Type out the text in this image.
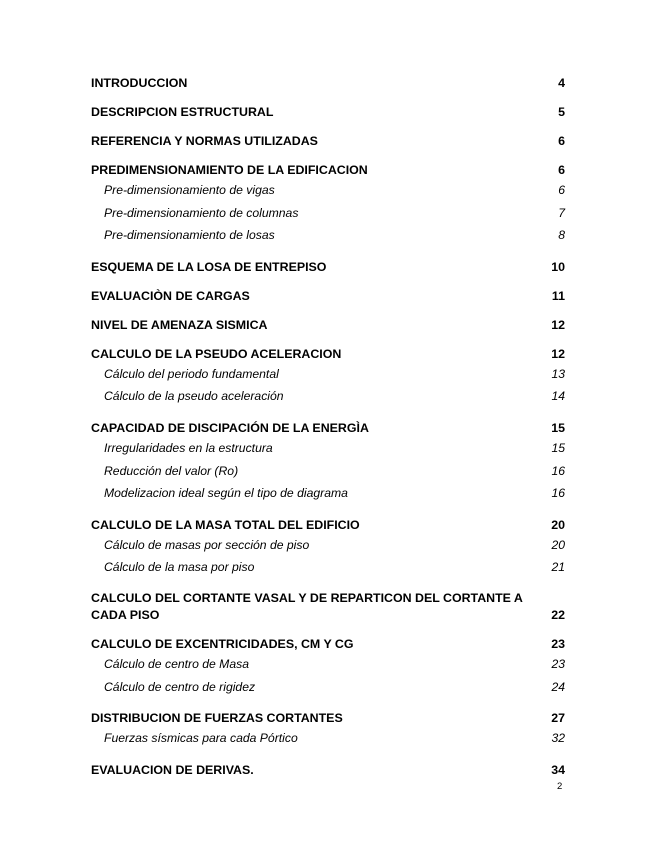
INTRODUCCION	4
DESCRIPCION ESTRUCTURAL	5
REFERENCIA Y NORMAS UTILIZADAS	6
PREDIMENSIONAMIENTO DE LA EDIFICACION	6
Pre-dimensionamiento de vigas	6
Pre-dimensionamiento de columnas	7
Pre-dimensionamiento de losas	8
ESQUEMA DE LA LOSA DE ENTREPISO	10
EVALUACIÒN DE CARGAS	11
NIVEL DE AMENAZA SISMICA	12
CALCULO DE LA PSEUDO ACELERACION	12
Cálculo del periodo fundamental	13
Cálculo de la pseudo aceleración	14
CAPACIDAD DE DISCIPACIÓN DE LA ENERGÌA	15
Irregularidades en la estructura	15
Reducción del valor (Ro)	16
Modelizacion ideal según el tipo de diagrama	16
CALCULO DE LA MASA TOTAL DEL EDIFICIO	20
Cálculo de masas por sección de piso	20
Cálculo de la masa por piso	21
CALCULO DEL CORTANTE VASAL Y DE REPARTICON DEL CORTANTE A CADA PISO	22
CALCULO DE EXCENTRICIDADES, CM Y CG	23
Cálculo de centro de Masa	23
Cálculo de centro de rigidez	24
DISTRIBUCION DE FUERZAS CORTANTES	27
Fuerzas sísmicas para cada Pórtico	32
EVALUACION DE DERIVAS.	34
2
